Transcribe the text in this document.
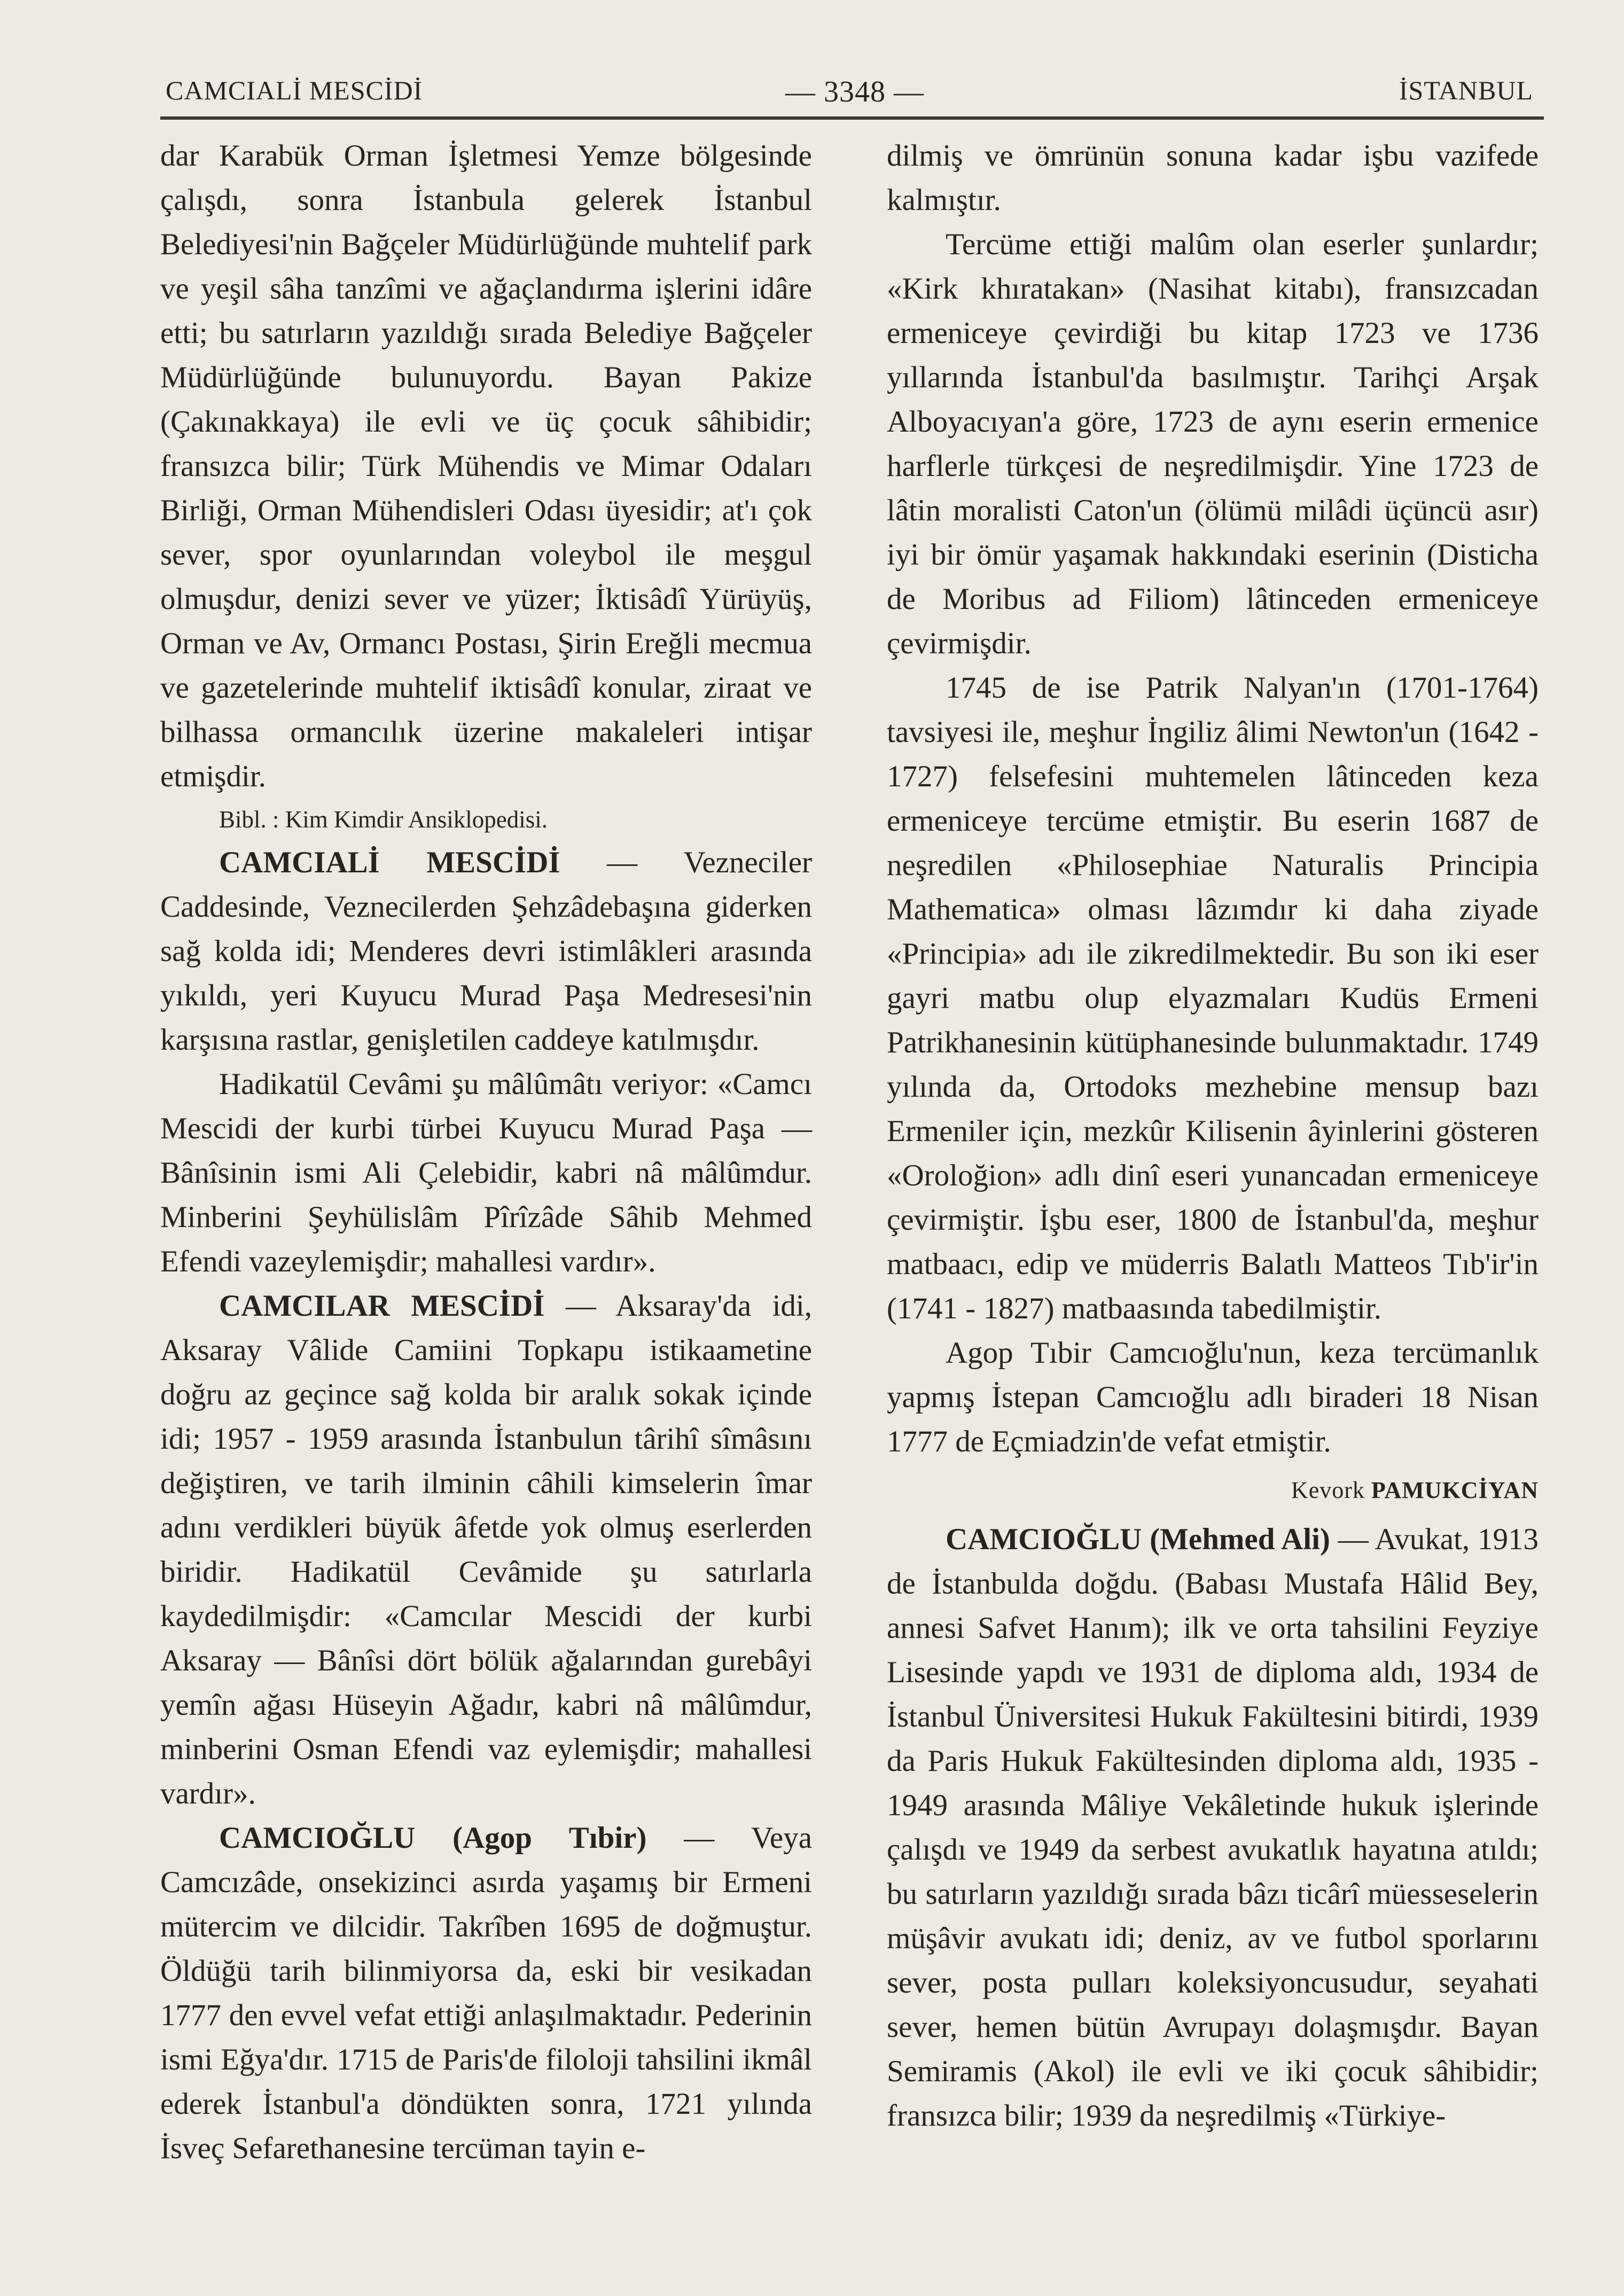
CAMCIALİ MESCİDİ	— 3348 —	İSTANBUL

dar Karabük Orman İşletmesi Yemze bölgesinde çalışdı, sonra İstanbula gelerek İstanbul Belediyesi'nin Bağçeler Müdürlüğünde muhtelif park ve yeşil sâha tanzîmi ve ağaçlandırma işlerini idâre etti; bu satırların yazıldığı sırada Belediye Bağçeler Müdürlüğünde bulunuyordu. Bayan Pakize (Çakınakkaya) ile evli ve üç çocuk sâhibidir; fransızca bilir; Türk Mühendis ve Mimar Odaları Birliği, Orman Mühendisleri Odası üyesidir; at'ı çok sever, spor oyunlarından voleybol ile meşgul olmuşdur, denizi sever ve yüzer; İktisâdî Yürüyüş, Orman ve Av, Ormancı Postası, Şirin Ereğli mecmua ve gazetelerinde muhtelif iktisâdî konular, ziraat ve bilhassa ormancılık üzerine makaleleri intişar etmişdir.

Bibl. : Kim Kimdir Ansiklopedisi.

CAMCIALİ MESCİDİ — Vezneciler Caddesinde, Veznecilerden Şehzâdebaşına giderken sağ kolda idi; Menderes devri istimlâkleri arasında yıkıldı, yeri Kuyucu Murad Paşa Medresesi'nin karşısına rastlar, genişletilen caddeye katılmışdır.

Hadikatül Cevâmi şu mâlûmâtı veriyor: «Camcı Mescidi der kurbi türbei Kuyucu Murad Paşa — Bânîsinin ismi Ali Çelebidir, kabri nâ mâlûmdur. Minberini Şeyhülislâm Pîrîzâde Sâhib Mehmed Efendi vazeylemişdir; mahallesi vardır».

CAMCILAR MESCİDİ — Aksaray'da idi, Aksaray Vâlide Camiini Topkapu istikaametine doğru az geçince sağ kolda bir aralık sokak içinde idi; 1957 - 1959 arasında İstanbulun târihî sîmâsını değiştiren, ve tarih ilminin câhili kimselerin îmar adını verdikleri büyük âfetde yok olmuş eserlerden biridir. Hadikatül Cevâmide şu satırlarla kaydedilmişdir: «Camcılar Mescidi der kurbi Aksaray — Bânîsi dört bölük ağalarından gurebâyi yemîn ağası Hüseyin Ağadır, kabri nâ mâlûmdur, minberini Osman Efendi vaz eylemişdir; mahallesi vardır».

CAMCIOĞLU (Agop Tıbir) — Veya Camcızâde, onsekizinci asırda yaşamış bir Ermeni mütercim ve dilcidir. Takrîben 1695 de doğmuştur. Öldüğü tarih bilinmiyorsa da, eski bir vesikadan 1777 den evvel vefat ettiği anlaşılmaktadır. Pederinin ismi Eğya'dır. 1715 de Paris'de filoloji tahsilini ikmâl ederek İstanbul'a döndükten sonra, 1721 yılında İsveç Sefarethanesine tercüman tayin e-

dilmiş ve ömrünün sonuna kadar işbu vazifede kalmıştır.

Tercüme ettiği malûm olan eserler şunlardır; «Kirk khıratakan» (Nasihat kitabı), fransızcadan ermeniceye çevirdiği bu kitap 1723 ve 1736 yıllarında İstanbul'da basılmıştır. Tarihçi Arşak Alboyacıyan'a göre, 1723 de aynı eserin ermenice harflerle türkçesi de neşredilmişdir. Yine 1723 de lâtin moralisti Caton'un (ölümü milâdi üçüncü asır) iyi bir ömür yaşamak hakkındaki eserinin (Disticha de Moribus ad Filiom) lâtinceden ermeniceye çevirmişdir.

1745 de ise Patrik Nalyan'ın (1701-1764) tavsiyesi ile, meşhur İngiliz âlimi Newton'un (1642 - 1727) felsefesini muhtemelen lâtinceden keza ermeniceye tercüme etmiştir. Bu eserin 1687 de neşredilen «Philosephiae Naturalis Principia Mathematica» olması lâzımdır ki daha ziyade «Principia» adı ile zikredilmektedir. Bu son iki eser gayri matbu olup elyazmaları Kudüs Ermeni Patrikhanesinin kütüphanesinde bulunmaktadır. 1749 yılında da, Ortodoks mezhebine mensup bazı Ermeniler için, mezkûr Kilisenin âyinlerini gösteren «Oroloğion» adlı dinî eseri yunancadan ermeniceye çevirmiştir. İşbu eser, 1800 de İstanbul'da, meşhur matbaacı, edip ve müderris Balatlı Matteos Tıb'ir'in (1741 - 1827) matbaasında tabedilmiştir.

Agop Tıbir Camcıoğlu'nun, keza tercümanlık yapmış İstepan Camcıoğlu adlı biraderi 18 Nisan 1777 de Eçmiadzin'de vefat etmiştir.

Kevork PAMUKCİYAN

CAMCIOĞLU (Mehmed Ali) — Avukat, 1913 de İstanbulda doğdu. (Babası Mustafa Hâlid Bey, annesi Safvet Hanım); ilk ve orta tahsilini Feyziye Lisesinde yapdı ve 1931 de diploma aldı, 1934 de İstanbul Üniversitesi Hukuk Fakültesini bitirdi, 1939 da Paris Hukuk Fakültesinden diploma aldı, 1935 - 1949 arasında Mâliye Vekâletinde hukuk işlerinde çalışdı ve 1949 da serbest avukatlık hayatına atıldı; bu satırların yazıldığı sırada bâzı ticârî müesseselerin müşâvir avukatı idi; deniz, av ve futbol sporlarını sever, posta pulları koleksiyoncusudur, seyahati sever, hemen bütün Avrupayı dolaşmışdır. Bayan Semiramis (Akol) ile evli ve iki çocuk sâhibidir; fransızca bilir; 1939 da neşredilmiş «Türkiye-
